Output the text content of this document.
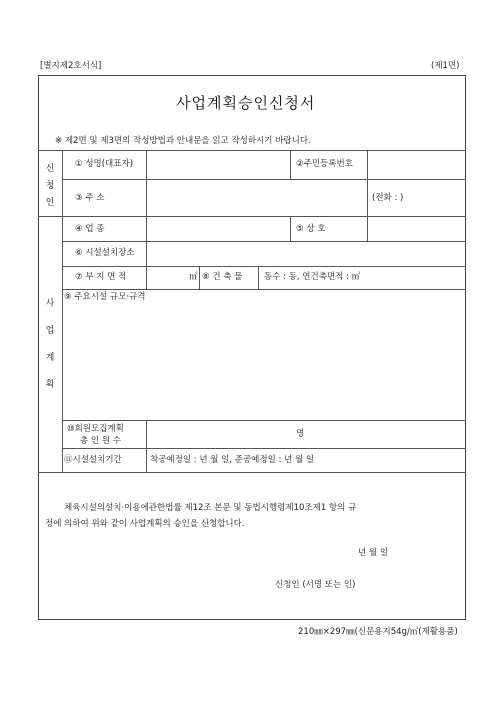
[별지제2호서식]	(제1면)
사업계획승인신청서
※ 제2면 및 제3면의 작성방법과 안내문을 읽고 작성하시기 바랍니다.
신
청
인
① 성명(대표자)	②주민등록번호
③ 주 소	(전화 : )
사
업
계
획
④ 업 종	⑤ 상 호
⑥ 시설설치장소
⑦ 부 지 면 적	㎡ ⑧ 건 축 물	동수 : 동, 연건축면적 : ㎡
⑨ 주요시설 규모·규격
⑩회원모집계획
총 인 원 수
명
⑪시설설치기간	착공예정일 : 년 월 일, 준공예정일 : 년 월 일
체육시설의설치·이용에관한법률 제12조 본문 및 동법시행령제10조제1 항의 규
정에 의하여 위와 같이 사업계획의 승인을 신청합니다.
년 월 일
신청인 (서명 또는 인)
210㎜×297㎜(신문용지54g/㎡(재활용품)
